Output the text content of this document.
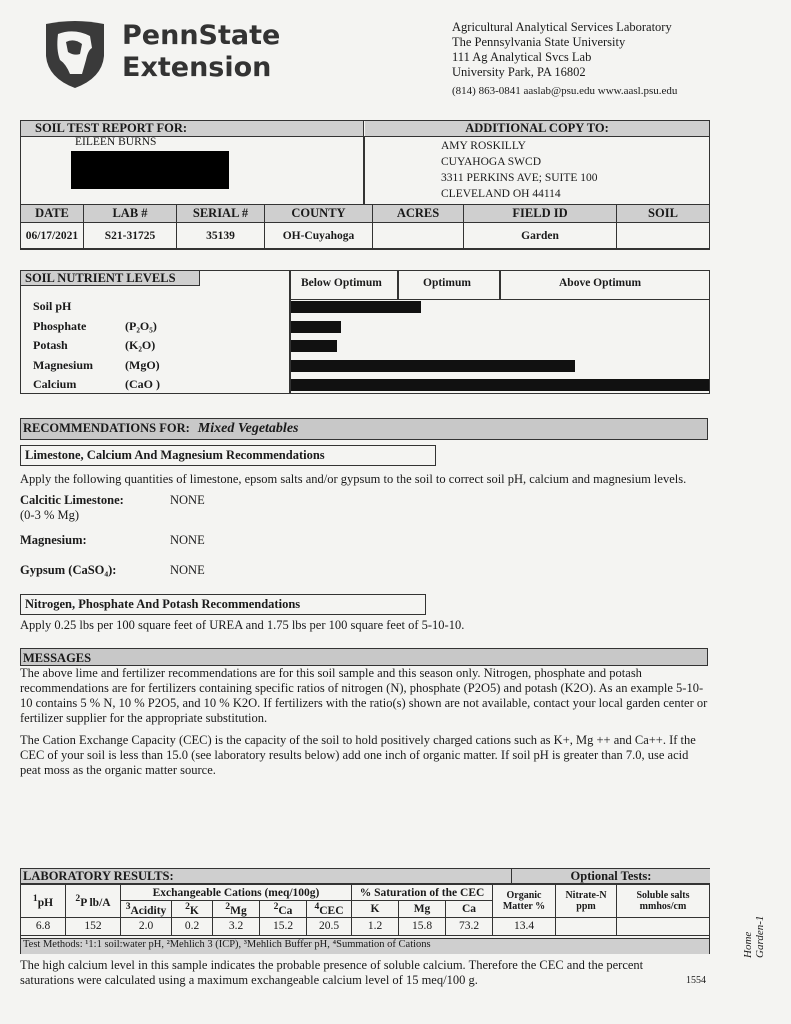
PennState
Extension
Agricultural Analytical Services Laboratory
The Pennsylvania State University
111 Ag Analytical Svcs Lab
University Park, PA 16802
(814) 863-0841 aaslab@psu.edu www.aasl.psu.edu
SOIL TEST REPORT FOR:	ADDITIONAL COPY TO:
EILEEN BURNS	AMY ROSKILLY
CUYAHOGA SWCD
3311 PERKINS AVE; SUITE 100
CLEVELAND OH 44114
DATE	LAB #	SERIAL #	COUNTY	ACRES	FIELD ID	SOIL
06/17/2021	S21-31725	35139	OH-Cuyahoga		Garden	
SOIL NUTRIENT LEVELS	Below Optimum	Optimum	Above Optimum
Soil pH
Phosphate	(P₂O₅)
Potash	(K₂O)
Magnesium	(MgO)
Calcium	(CaO )
RECOMMENDATIONS FOR: Mixed Vegetables
Limestone, Calcium And Magnesium Recommendations
Apply the following quantities of limestone, epsom salts and/or gypsum to the soil to correct soil pH, calcium and magnesium levels.
Calcitic Limestone:
(0-3 % Mg)
NONE
Magnesium:	NONE
Gypsum (CaSO₄):	NONE
Nitrogen, Phosphate And Potash Recommendations
Apply 0.25 lbs per 100 square feet of UREA and 1.75 lbs per 100 square feet of 5-10-10.
MESSAGES
The above lime and fertilizer recommendations are for this soil sample and this season only. Nitrogen, phosphate and potash recommendations are for fertilizers containing specific ratios of nitrogen (N), phosphate (P2O5) and potash (K2O). As an example 5-10-10 contains 5 % N, 10 % P2O5, and 10 % K2O. If fertilizers with the ratio(s) shown are not available, contact your local garden center or fertilizer supplier for the appropriate substitution.
The Cation Exchange Capacity (CEC) is the capacity of the soil to hold positively charged cations such as K+, Mg ++ and Ca++. If the CEC of your soil is less than 15.0 (see laboratory results below) add one inch of organic matter. If soil pH is greater than 7.0, use acid peat moss as the organic matter source.
LABORATORY RESULTS:	Optional Tests:
$^1$pH	$^2$P lb/A	Exchangeable Cations (meq/100g)					% Saturation of the CEC			Organic Matter %	Nitrate-N ppm	Soluble salts mmhos/cm
		$^3$Acidity	$^2$K	$^2$Mg	$^2$Ca	$^4$CEC	K	Mg	Ca			
6.8	152	2.0	0.2	3.2	15.2	20.5	1.2	15.8	73.2	13.4		
Test Methods: ¹1:1 soil:water pH, ²Mehlich 3 (ICP), ³Mehlich Buffer pH, ⁴Summation of Cations
The high calcium level in this sample indicates the probable presence of soluble calcium. Therefore the CEC and the percent saturations were calculated using a maximum exchangeable calcium level of 15 meq/100 g.	1554
Home Garden-1
